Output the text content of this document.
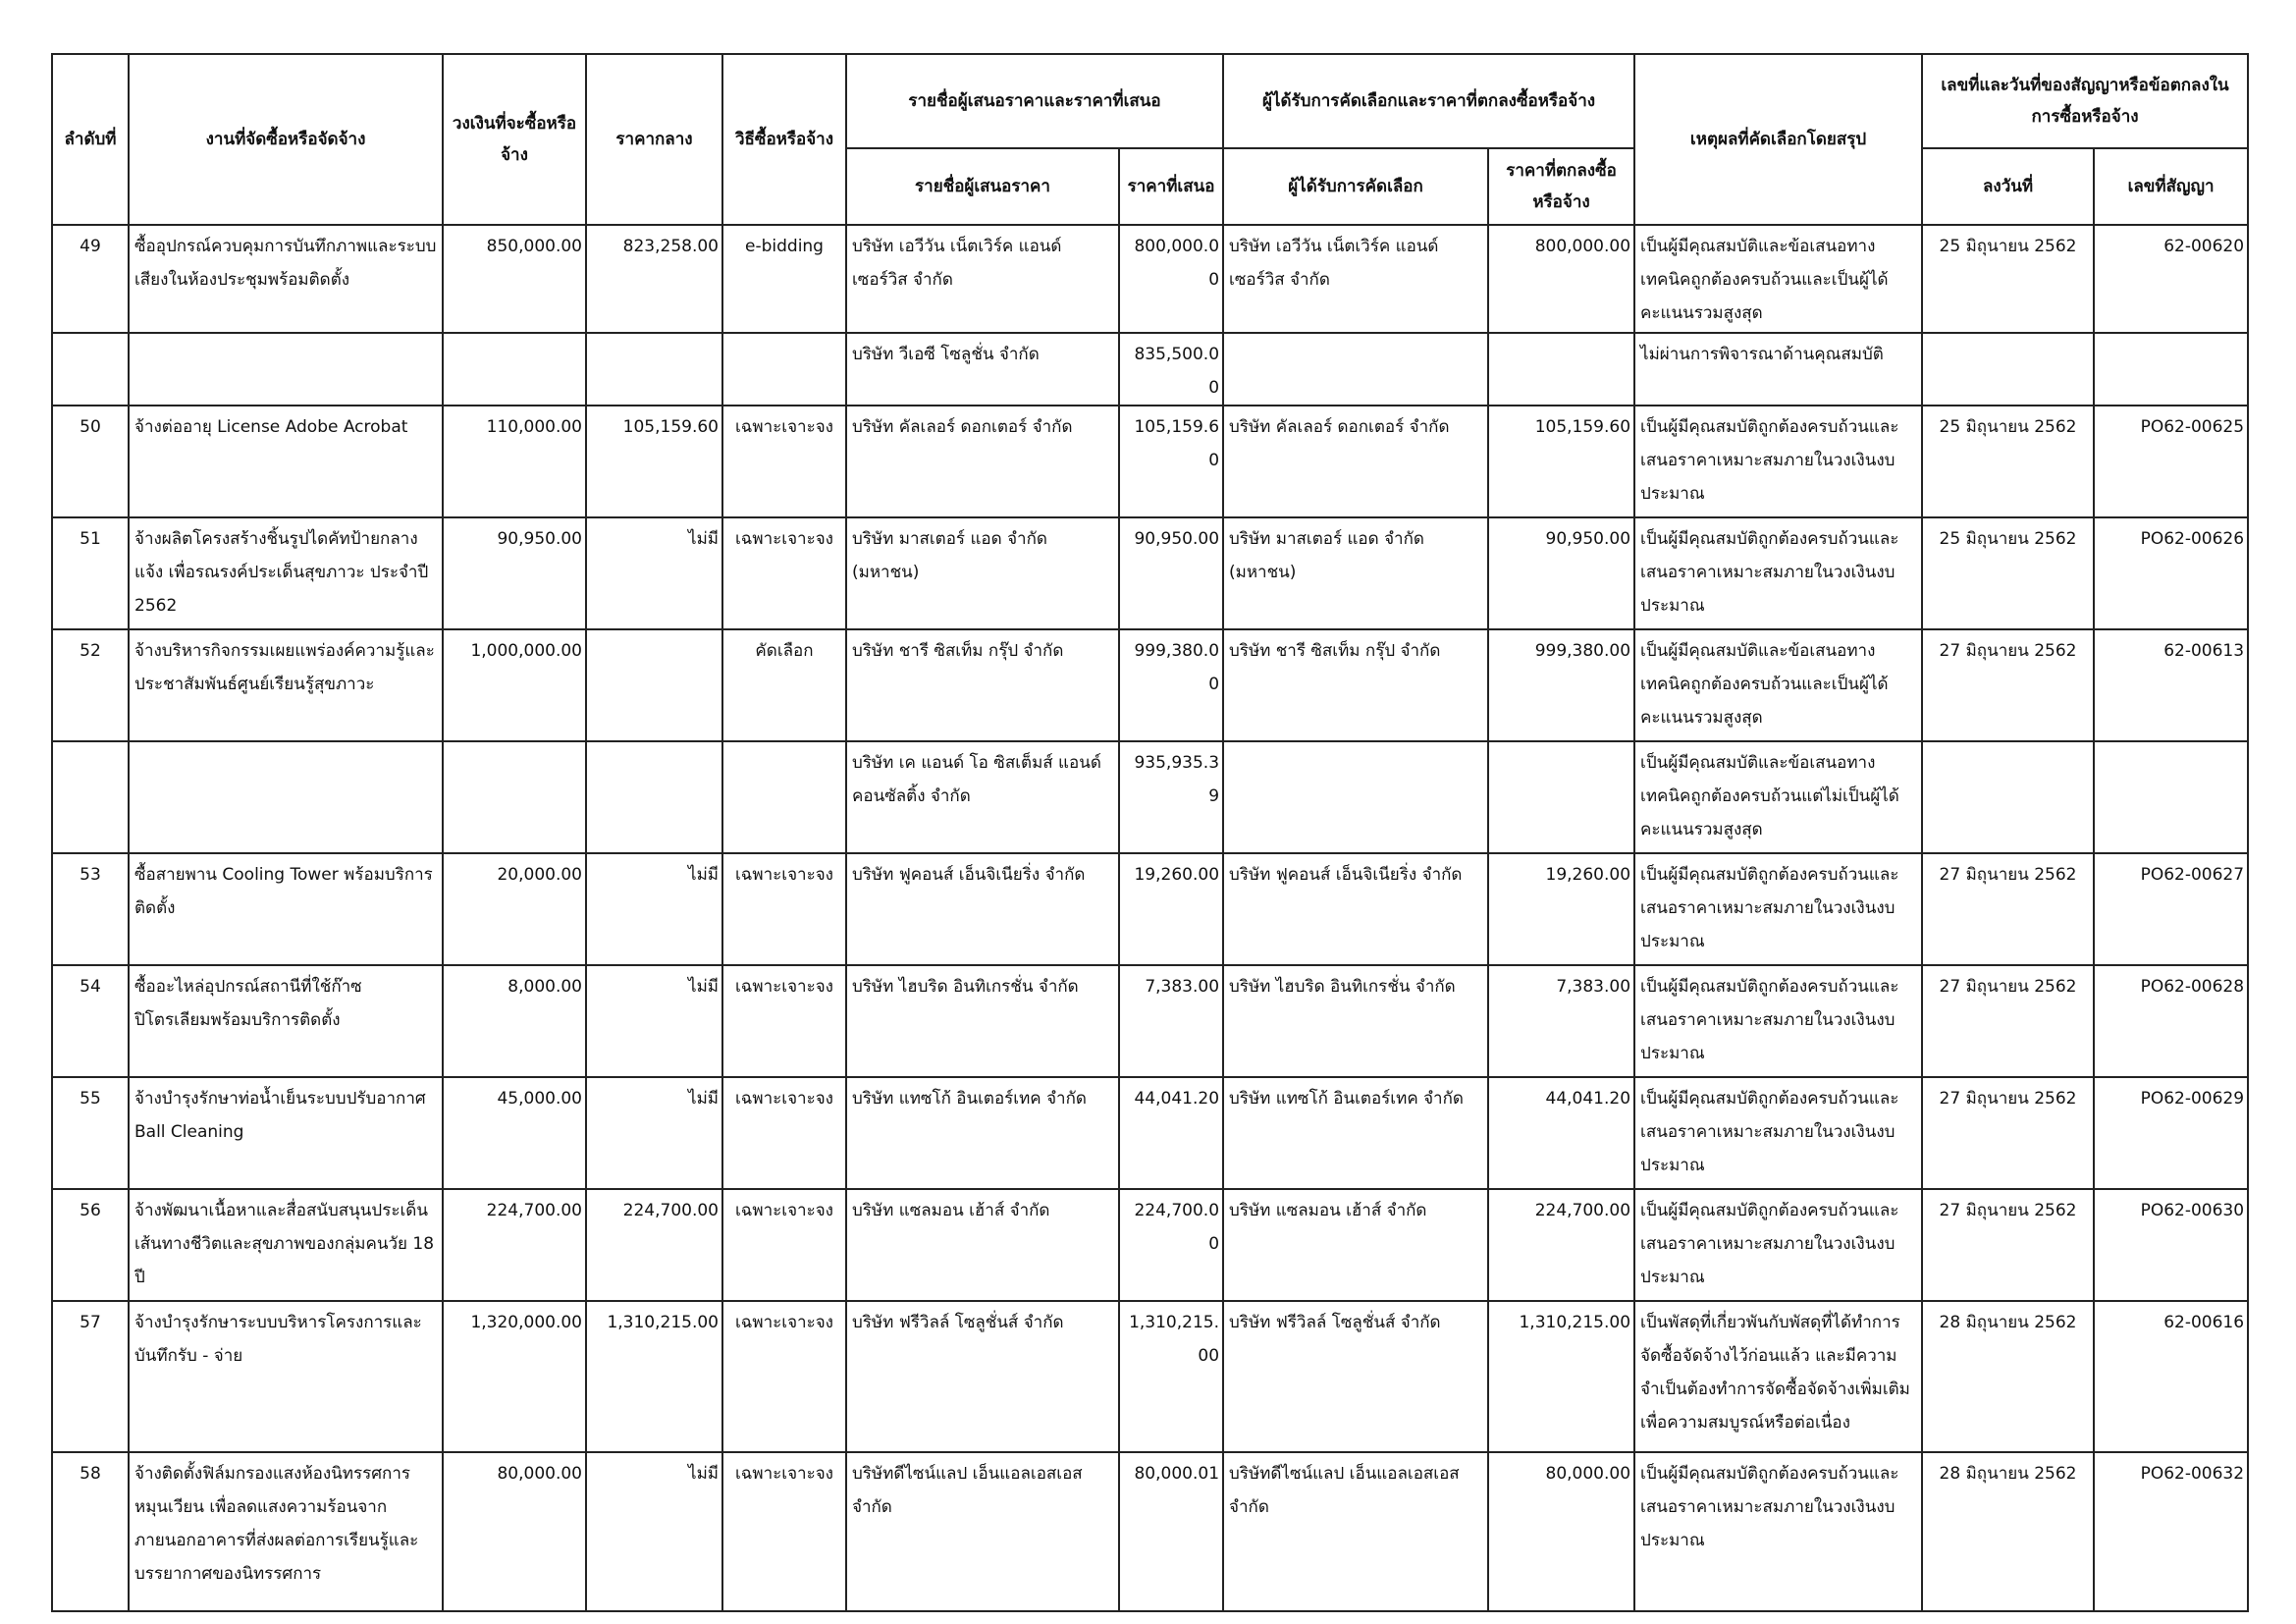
ลำดับที่	งานที่จัดซื้อหรือจัดจ้าง	วงเงินที่จะซื้อหรือจ้าง	ราคากลาง	วิธีซื้อหรือจ้าง	รายชื่อผู้เสนอราคาและราคาที่เสนอ		ผู้ได้รับการคัดเลือกและราคาที่ตกลงซื้อหรือจ้าง		เหตุผลที่คัดเลือกโดยสรุป	เลขที่และวันที่ของสัญญาหรือข้อตกลงในการซื้อหรือจ้าง	
					รายชื่อผู้เสนอราคา	ราคาที่เสนอ	ผู้ได้รับการคัดเลือก	ราคาที่ตกลงซื้อหรือจ้าง		ลงวันที่	เลขที่สัญญา
49	ซื้ออุปกรณ์ควบคุมการบันทึกภาพและระบบเสียงในห้องประชุมพร้อมติดตั้ง	850,000.00	823,258.00	e-bidding	บริษัท เอวีวัน เน็ตเวิร์ค แอนด์ เซอร์วิส จำกัด	800,000.00	บริษัท เอวีวัน เน็ตเวิร์ค แอนด์ เซอร์วิส จำกัด	800,000.00	เป็นผู้มีคุณสมบัติและข้อเสนอทางเทคนิคถูกต้องครบถ้วนและเป็นผู้ได้คะแนนรวมสูงสุด	25 มิถุนายน 2562	62-00620
					บริษัท วีเอซี โซลูชั่น จำกัด	835,500.00			ไม่ผ่านการพิจารณาด้านคุณสมบัติ		
50	จ้างต่ออายุ License Adobe Acrobat	110,000.00	105,159.60	เฉพาะเจาะจง	บริษัท คัลเลอร์ ดอกเตอร์ จำกัด	105,159.60	บริษัท คัลเลอร์ ดอกเตอร์ จำกัด	105,159.60	เป็นผู้มีคุณสมบัติถูกต้องครบถ้วนและเสนอราคาเหมาะสมภายในวงเงินงบประมาณ	25 มิถุนายน 2562	PO62-00625
51	จ้างผลิตโครงสร้างชิ้นรูปไดคัทป้ายกลางแจ้ง เพื่อรณรงค์ประเด็นสุขภาวะ ประจำปี 2562	90,950.00	ไม่มี	เฉพาะเจาะจง	บริษัท มาสเตอร์ แอด จำกัด (มหาชน)	90,950.00	บริษัท มาสเตอร์ แอด จำกัด (มหาชน)	90,950.00	เป็นผู้มีคุณสมบัติถูกต้องครบถ้วนและเสนอราคาเหมาะสมภายในวงเงินงบประมาณ	25 มิถุนายน 2562	PO62-00626
52	จ้างบริหารกิจกรรมเผยแพร่องค์ความรู้และประชาสัมพันธ์ศูนย์เรียนรู้สุขภาวะ	1,000,000.00		คัดเลือก	บริษัท ชารี ซิสเท็ม กรุ๊ป จำกัด	999,380.00	บริษัท ชารี ซิสเท็ม กรุ๊ป จำกัด	999,380.00	เป็นผู้มีคุณสมบัติและข้อเสนอทางเทคนิคถูกต้องครบถ้วนและเป็นผู้ได้คะแนนรวมสูงสุด	27 มิถุนายน 2562	62-00613
					บริษัท เค แอนด์ โอ ซิสเต็มส์ แอนด์ คอนซัลติ้ง จำกัด	935,935.39			เป็นผู้มีคุณสมบัติและข้อเสนอทางเทคนิคถูกต้องครบถ้วนแต่ไม่เป็นผู้ได้คะแนนรวมสูงสุด		
53	ซื้อสายพาน Cooling Tower พร้อมบริการติดตั้ง	20,000.00	ไม่มี	เฉพาะเจาะจง	บริษัท ฟูคอนส์ เอ็นจิเนียริ่ง จำกัด	19,260.00	บริษัท ฟูคอนส์ เอ็นจิเนียริ่ง จำกัด	19,260.00	เป็นผู้มีคุณสมบัติถูกต้องครบถ้วนและเสนอราคาเหมาะสมภายในวงเงินงบประมาณ	27 มิถุนายน 2562	PO62-00627
54	ซื้ออะไหล่อุปกรณ์สถานีที่ใช้ก๊าซปิโตรเลียมพร้อมบริการติดตั้ง	8,000.00	ไม่มี	เฉพาะเจาะจง	บริษัท ไฮบริด อินทิเกรชั่น จำกัด	7,383.00	บริษัท ไฮบริด อินทิเกรชั่น จำกัด	7,383.00	เป็นผู้มีคุณสมบัติถูกต้องครบถ้วนและเสนอราคาเหมาะสมภายในวงเงินงบประมาณ	27 มิถุนายน 2562	PO62-00628
55	จ้างบำรุงรักษาท่อน้ำเย็นระบบปรับอากาศ Ball Cleaning	45,000.00	ไม่มี	เฉพาะเจาะจง	บริษัท แทซโก้ อินเตอร์เทค จำกัด	44,041.20	บริษัท แทซโก้ อินเตอร์เทค จำกัด	44,041.20	เป็นผู้มีคุณสมบัติถูกต้องครบถ้วนและเสนอราคาเหมาะสมภายในวงเงินงบประมาณ	27 มิถุนายน 2562	PO62-00629
56	จ้างพัฒนาเนื้อหาและสื่อสนับสนุนประเด็นเส้นทางชีวิตและสุขภาพของกลุ่มคนวัย 18 ปี	224,700.00	224,700.00	เฉพาะเจาะจง	บริษัท แซลมอน เฮ้าส์ จำกัด	224,700.00	บริษัท แซลมอน เฮ้าส์ จำกัด	224,700.00	เป็นผู้มีคุณสมบัติถูกต้องครบถ้วนและเสนอราคาเหมาะสมภายในวงเงินงบประมาณ	27 มิถุนายน 2562	PO62-00630
57	จ้างบำรุงรักษาระบบบริหารโครงการและบันทึกรับ - จ่าย	1,320,000.00	1,310,215.00	เฉพาะเจาะจง	บริษัท ฟรีวิลล์ โซลูชั่นส์ จำกัด	1,310,215.00	บริษัท ฟรีวิลล์ โซลูชั่นส์ จำกัด	1,310,215.00	เป็นพัสดุที่เกี่ยวพันกับพัสดุที่ได้ทำการจัดซื้อจัดจ้างไว้ก่อนแล้ว และมีความจำเป็นต้องทำการจัดซื้อจัดจ้างเพิ่มเติมเพื่อความสมบูรณ์หรือต่อเนื่อง	28 มิถุนายน 2562	62-00616
58	จ้างติดตั้งฟิล์มกรองแสงห้องนิทรรศการหมุนเวียน เพื่อลดแสงความร้อนจากภายนอกอาคารที่ส่งผลต่อการเรียนรู้และบรรยากาศของนิทรรศการ	80,000.00	ไม่มี	เฉพาะเจาะจง	บริษัทดีไซน์แลป เอ็นแอลเอสเอส จำกัด	80,000.01	บริษัทดีไซน์แลป เอ็นแอลเอสเอส จำกัด	80,000.00	เป็นผู้มีคุณสมบัติถูกต้องครบถ้วนและเสนอราคาเหมาะสมภายในวงเงินงบประมาณ	28 มิถุนายน 2562	PO62-00632
